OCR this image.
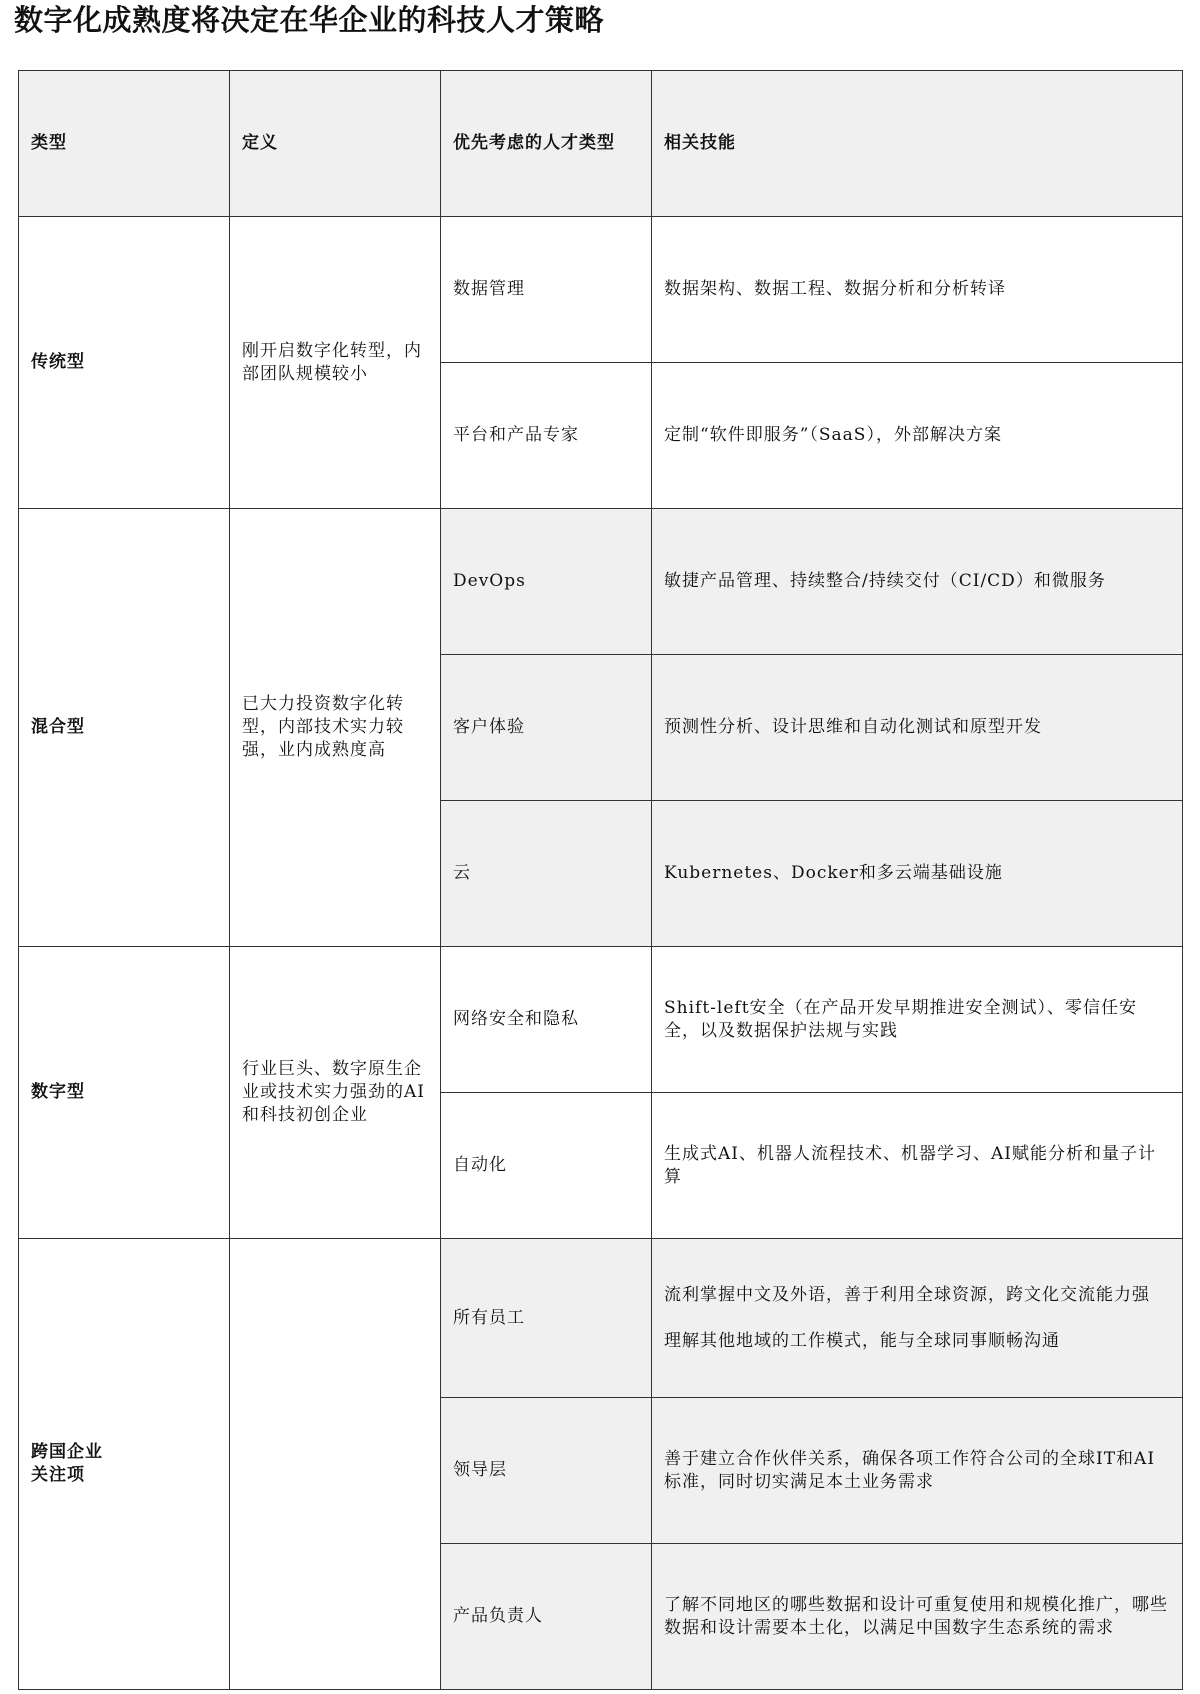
数字化成熟度将决定在华企业的科技人才策略
类型	定义	优先考虑的人才类型	相关技能
传统型	刚开启数字化转型，内部团队规模较小	数据管理	数据架构、数据工程、数据分析和分析转译

		平台和产品专家	定制“软件即服务”（SaaS），外部解决方案

混合型	已大力投资数字化转型，内部技术实力较强，业内成熟度高	DevOps	敏捷产品管理、持续整合/持续交付（CI/CD）和微服务

		客户体验	预测性分析、设计思维和自动化测试和原型开发

		云	Kubernetes、Docker和多云端基础设施

数字型	行业巨头、数字原生企业或技术实力强劲的AI和科技初创企业	网络安全和隐私	Shift-left安全（在产品开发早期推进安全测试）、零信任安全，以及数据保护法规与实践

		自动化	生成式AI、机器人流程技术、机器学习、AI赋能分析和量子计算

跨国企业
关注项		所有员工	流利掌握中文及外语，善于利用全球资源，跨文化交流能力强
理解其他地域的工作模式，能与全球同事顺畅沟通

		领导层	善于建立合作伙伴关系，确保各项工作符合公司的全球IT和AI标准，同时切实满足本土业务需求

		产品负责人	了解不同地区的哪些数据和设计可重复使用和规模化推广，哪些数据和设计需要本土化，以满足中国数字生态系统的需求
